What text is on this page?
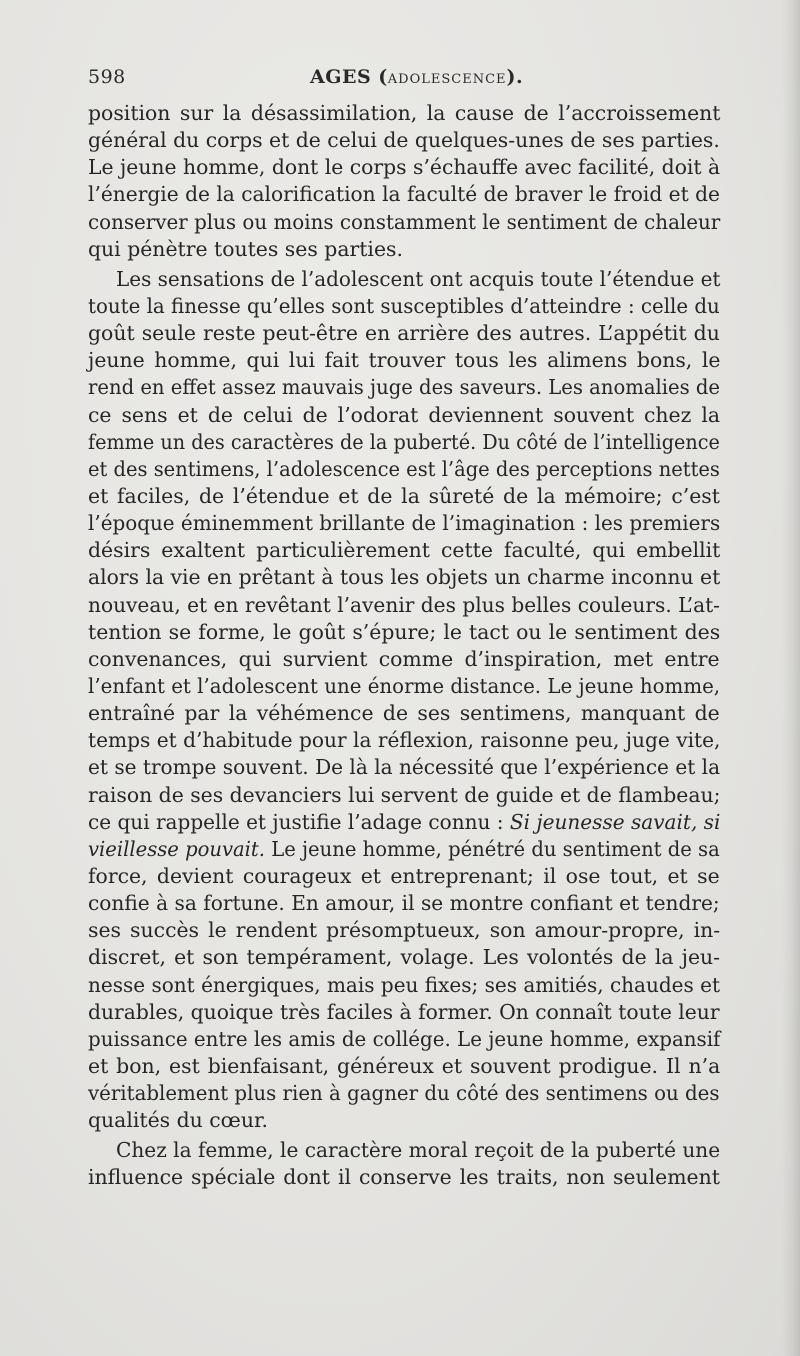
598	AGES (ADOLESCENCE).
position sur la désassimilation, la cause de l’accroissement
général du corps et de celui de quelques-unes de ses parties.
Le jeune homme, dont le corps s’échauffe avec facilité, doit à
l’énergie de la calorification la faculté de braver le froid et de
conserver plus ou moins constamment le sentiment de chaleur
qui pénètre toutes ses parties.
Les sensations de l’adolescent ont acquis toute l’étendue et
toute la finesse qu’elles sont susceptibles d’atteindre : celle du
goût seule reste peut-être en arrière des autres. L’appétit du
jeune homme, qui lui fait trouver tous les alimens bons, le
rend en effet assez mauvais juge des saveurs. Les anomalies de
ce sens et de celui de l’odorat deviennent souvent chez la
femme un des caractères de la puberté. Du côté de l’intelligence
et des sentimens, l’adolescence est l’âge des perceptions nettes
et faciles, de l’étendue et de la sûreté de la mémoire; c’est
l’époque éminemment brillante de l’imagination : les premiers
désirs exaltent particulièrement cette faculté, qui embellit
alors la vie en prêtant à tous les objets un charme inconnu et
nouveau, et en revêtant l’avenir des plus belles couleurs. L’at-
tention se forme, le goût s’épure; le tact ou le sentiment des
convenances, qui survient comme d’inspiration, met entre
l’enfant et l’adolescent une énorme distance. Le jeune homme,
entraîné par la véhémence de ses sentimens, manquant de
temps et d’habitude pour la réflexion, raisonne peu, juge vite,
et se trompe souvent. De là la nécessité que l’expérience et la
raison de ses devanciers lui servent de guide et de flambeau;
ce qui rappelle et justifie l’adage connu : Si jeunesse savait, si
vieillesse pouvait. Le jeune homme, pénétré du sentiment de sa
force, devient courageux et entreprenant; il ose tout, et se
confie à sa fortune. En amour, il se montre confiant et tendre;
ses succès le rendent présomptueux, son amour-propre, in-
discret, et son tempérament, volage. Les volontés de la jeu-
nesse sont énergiques, mais peu fixes; ses amitiés, chaudes et
durables, quoique très faciles à former. On connaît toute leur
puissance entre les amis de collége. Le jeune homme, expansif
et bon, est bienfaisant, généreux et souvent prodigue. Il n’a
véritablement plus rien à gagner du côté des sentimens ou des
qualités du cœur.
Chez la femme, le caractère moral reçoit de la puberté une
influence spéciale dont il conserve les traits, non seulement
